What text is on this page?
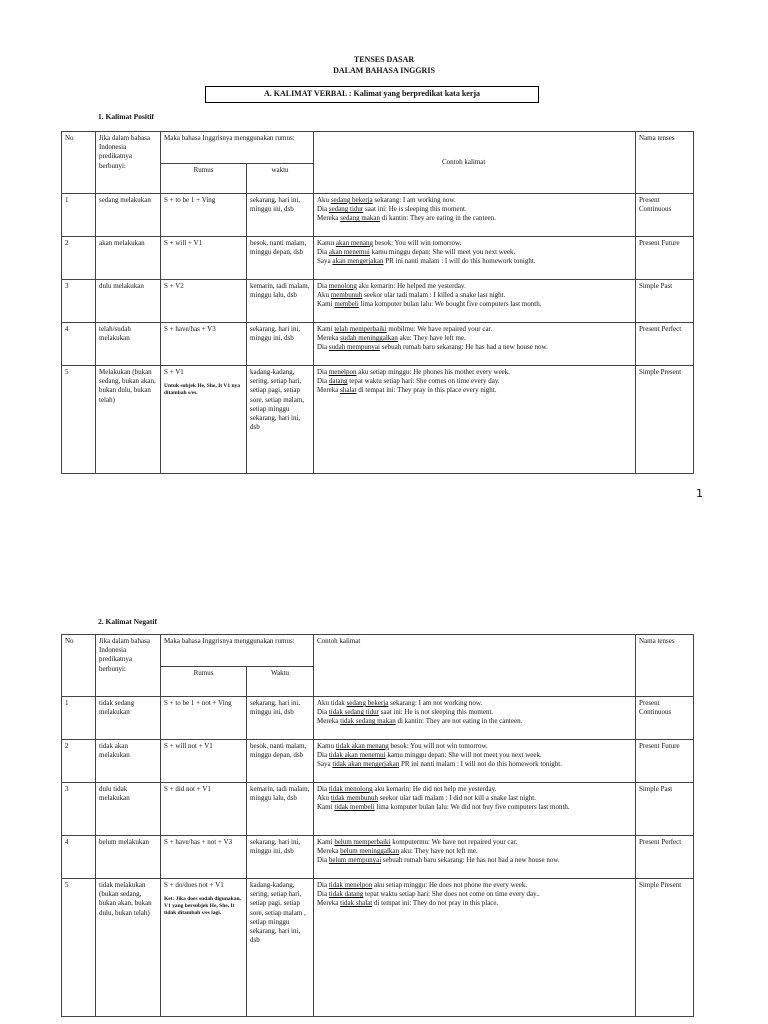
TENSES DASAR
DALAM BAHASA INGGRIS
A. KALIMAT VERBAL : Kalimat yang berpredikat kata kerja
1. Kalimat Positif
No	Jika dalam bahasa Indonesia predikatnya berbunyi:	Maka bahasa Inggrisnya menggunakan rumus:		Contoh kalimat	Nama tenses
		Rumus	waktu		
1	sedang melakukan	S + to be 1 + Ving	sekarang, hari ini, minggu ini, dsb	Aku sedang bekerja sekarang: I am working now.
Dia sedang tidur saat ini: He is sleeping this moment.
Mereka sedang makan di kantin: They are eating in the canteen.	Present Continuous
2	akan melakukan	S + will + V1	besok, nanti malam, minggu depan, dsb	Kamu akan menang besok: You will win tomorrow.
Dia akan menemui kamu minggu depan: She will meet you next week.
Saya akan mengerjakan PR ini nanti malam : I will do this homework tonight.	Present Future
3	dulu melakukan	S + V2	kemarin, tadi malam, minggu lalu, dsb	Dia menolong aku kemarin: He helped me yesterday.
Aku membunuh seekor ular tadi malam : I killed a snake last night.
Kami membeli lima komputer bulan lalu: We bought five computers last month.	Simple Past
4	telah/sudah melakukan	S + have/has + V3	sekarang, hari ini, minggu ini, dsb	Kami telah memperbaiki mobilmu: We have repaired your car.
Mereka sudah meninggalkan aku: They have left me.
Dia sudah mempunyai sebuah rumah baru sekarang: He has had a new house now.	Present Perfect
5	Melakukan (bukan sedang, bukan akan, bukan dulu, bukan telah)	S + V1
Untuk subjek He, She, It V1 nya ditambah s/es.	kadang-kadang, sering, setiap hari, setiap pagi, setiap sore, setiap malam, setiap minggu sekarang, hari ini, dsb	Dia menelpon aku setiap minggu: He phones his mother every week.
Dia datang tepat waktu setiap hari: She comes on time every day.
Mereka shalat di tempat ini: They pray in this place every night.	Simple Present
1
2. Kalimat Negatif
No	Jika dalam bahasa Indonesia predikatnya berbunyi:	Maka bahasa Inggrisnya menggunakan rumus:		Contoh kalimat	Nama tenses
		Rumus	Waktu		
1	tidak sedang melakukan	S + to be 1 + not + Ving	sekarang, hari ini, minggu ini, dsb	Aku tidak sedang bekerja sekarang: I am not working now.
Dia tidak sedang tidur saat ini: He is not sleeping this moment.
Mereka tidak sedang makan di kantin: They are not eating in the canteen.	Present Continuous
2	tidak akan melakukan	S + will not + V1	besok, nanti malam, minggu depan, dsb	Kamu tidak akan menang besok: You will not win tomorrow.
Dia tidak akan menemui kamu minggu depan: She will not meet you next week.
Saya tidak akan mengerjakan PR ini nanti malam : I will not do this homework tonight.	Present Future
3	dulu tidak melakukan	S + did not + V1	kemarin, tadi malam, minggu lalu, dsb	Dia tidak menolong aku kemarin: He did not help me yesterday.
Aku tidak membunuh seekor ular tadi malam : I did not kill a snake last night.
Kami tidak membeli lima komputer bulan lalu: We did not buy five computers last month.	Simple Past
4	belum melakukan	S + have/has + not + V3	sekarang, hari ini, minggu ini, dsb	Kami belum memperbaiki komputermu: We have not repaired your car.
Mereka belum meninggalkan aku: They have not left me.
Dia belum mempunyai sebuah rumah baru sekarang: He has not had a new house now.	Present Perfect
5	tidak melakukan (bukan sedang, bukan akan, bukan dulu, bukan telah)	S + do/does not + V1
Ket: Jika does sudah digunakan, V1 yang bersubjek He, She, It tidak ditambah s/es lagi.	kadang-kadang, sering, setiap hari, setiap pagi, setiap sore, setiap malam , setiap minggu sekarang, hari ini, dsb	Dia tidak menelpon aku setiap minggu: He does not phone me every week.
Dia tidak datang tepat waktu setiap hari: She does not come on time every day..
Mereka tidak shalat di tempat ini: They do not pray in this place.	Simple Present
